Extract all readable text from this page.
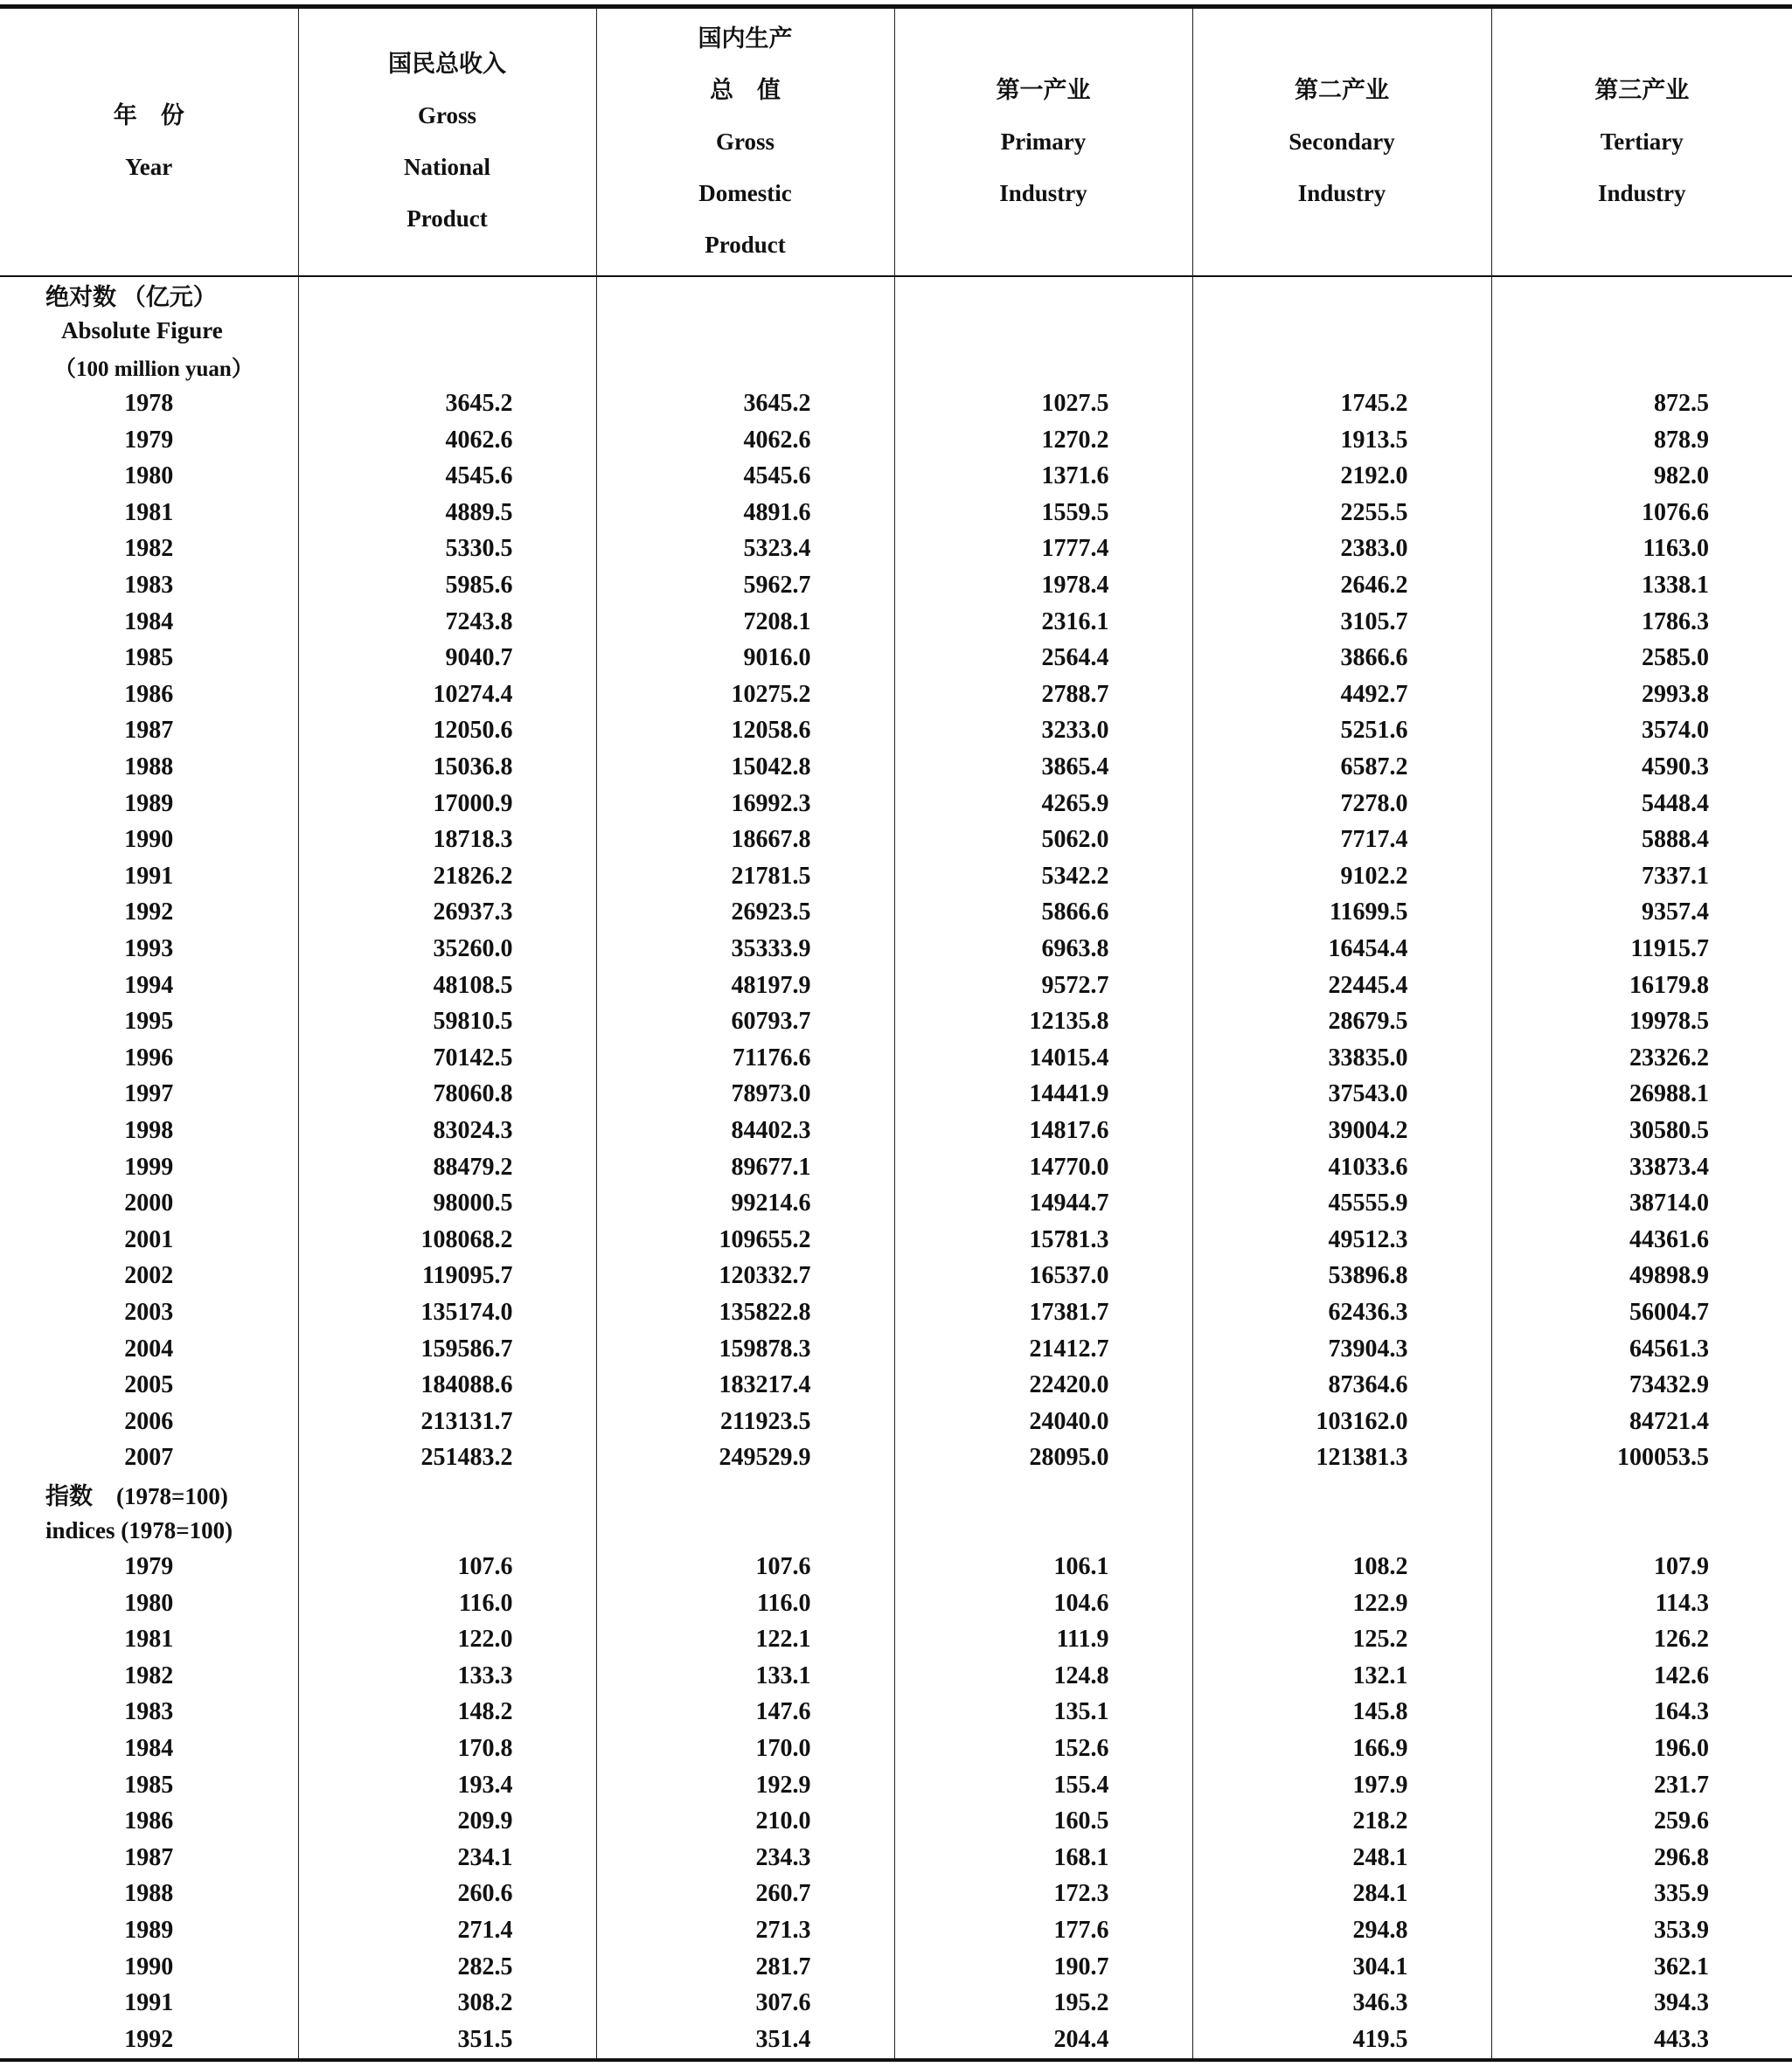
年　份
Year	国民总收入
Gross
National
Product	国内生产
总　值
Gross
Domestic
Product	第一产业
Primary
Industry	第二产业
Secondary
Industry	第三产业
Tertiary
Industry

绝对数 （亿元）					
Absolute Figure					
（100 million yuan）					
1978	3645.2	3645.2	1027.5	1745.2	872.5
1979	4062.6	4062.6	1270.2	1913.5	878.9
1980	4545.6	4545.6	1371.6	2192.0	982.0
1981	4889.5	4891.6	1559.5	2255.5	1076.6
1982	5330.5	5323.4	1777.4	2383.0	1163.0
1983	5985.6	5962.7	1978.4	2646.2	1338.1
1984	7243.8	7208.1	2316.1	3105.7	1786.3
1985	9040.7	9016.0	2564.4	3866.6	2585.0
1986	10274.4	10275.2	2788.7	4492.7	2993.8
1987	12050.6	12058.6	3233.0	5251.6	3574.0
1988	15036.8	15042.8	3865.4	6587.2	4590.3
1989	17000.9	16992.3	4265.9	7278.0	5448.4
1990	18718.3	18667.8	5062.0	7717.4	5888.4
1991	21826.2	21781.5	5342.2	9102.2	7337.1
1992	26937.3	26923.5	5866.6	11699.5	9357.4
1993	35260.0	35333.9	6963.8	16454.4	11915.7
1994	48108.5	48197.9	9572.7	22445.4	16179.8
1995	59810.5	60793.7	12135.8	28679.5	19978.5
1996	70142.5	71176.6	14015.4	33835.0	23326.2
1997	78060.8	78973.0	14441.9	37543.0	26988.1
1998	83024.3	84402.3	14817.6	39004.2	30580.5
1999	88479.2	89677.1	14770.0	41033.6	33873.4
2000	98000.5	99214.6	14944.7	45555.9	38714.0
2001	108068.2	109655.2	15781.3	49512.3	44361.6
2002	119095.7	120332.7	16537.0	53896.8	49898.9
2003	135174.0	135822.8	17381.7	62436.3	56004.7
2004	159586.7	159878.3	21412.7	73904.3	64561.3
2005	184088.6	183217.4	22420.0	87364.6	73432.9
2006	213131.7	211923.5	24040.0	103162.0	84721.4
2007	251483.2	249529.9	28095.0	121381.3	100053.5
指数　(1978=100)					
indices (1978=100)					
1979	107.6	107.6	106.1	108.2	107.9
1980	116.0	116.0	104.6	122.9	114.3
1981	122.0	122.1	111.9	125.2	126.2
1982	133.3	133.1	124.8	132.1	142.6
1983	148.2	147.6	135.1	145.8	164.3
1984	170.8	170.0	152.6	166.9	196.0
1985	193.4	192.9	155.4	197.9	231.7
1986	209.9	210.0	160.5	218.2	259.6
1987	234.1	234.3	168.1	248.1	296.8
1988	260.6	260.7	172.3	284.1	335.9
1989	271.4	271.3	177.6	294.8	353.9
1990	282.5	281.7	190.7	304.1	362.1
1991	308.2	307.6	195.2	346.3	394.3
1992	351.5	351.4	204.4	419.5	443.3
